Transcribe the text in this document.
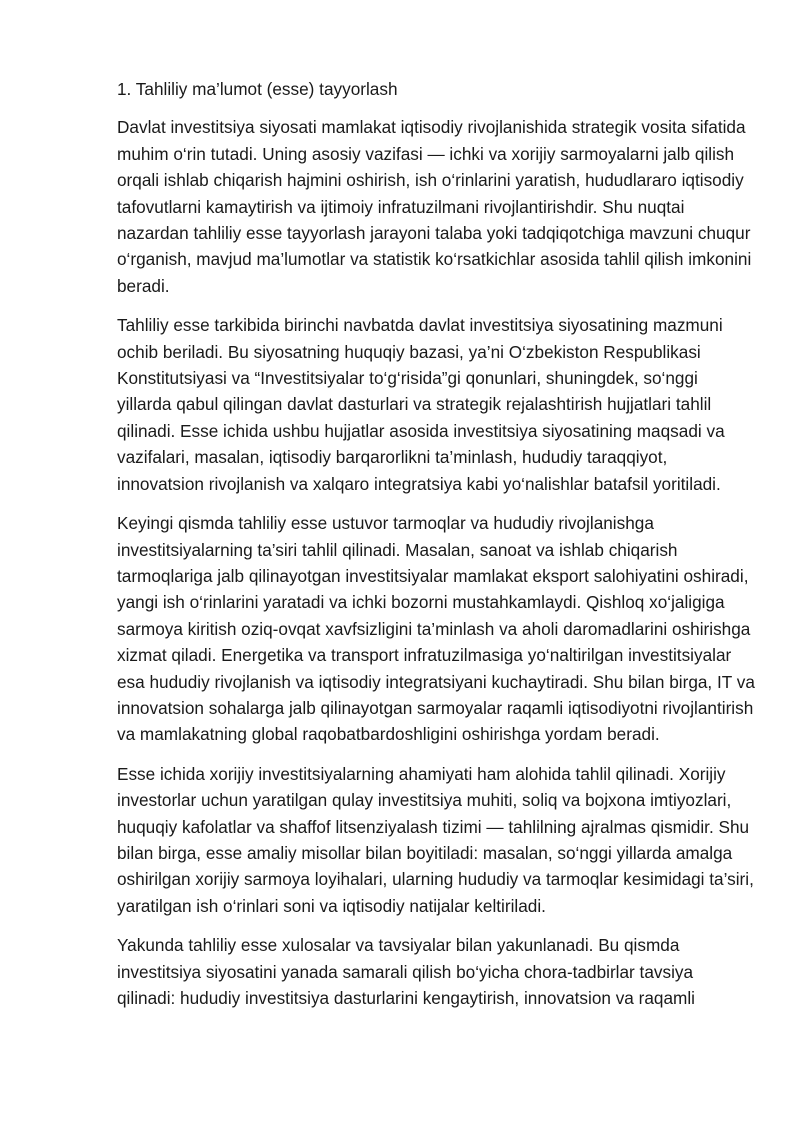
1. Tahliliy ma’lumot (esse) tayyorlash

Davlat investitsiya siyosati mamlakat iqtisodiy rivojlanishida strategik vosita sifatida muhim o‘rin tutadi. Uning asosiy vazifasi — ichki va xorijiy sarmoyalarni jalb qilish orqali ishlab chiqarish hajmini oshirish, ish o‘rinlarini yaratish, hududlararo iqtisodiy tafovutlarni kamaytirish va ijtimoiy infratuzilmani rivojlantirishdir. Shu nuqtai nazardan tahliliy esse tayyorlash jarayoni talaba yoki tadqiqotchiga mavzuni chuqur o‘rganish, mavjud ma’lumotlar va statistik ko‘rsatkichlar asosida tahlil qilish imkonini beradi.

Tahliliy esse tarkibida birinchi navbatda davlat investitsiya siyosatining mazmuni ochib beriladi. Bu siyosatning huquqiy bazasi, ya’ni O‘zbekiston Respublikasi Konstitutsiyasi va “Investitsiyalar to‘g‘risida”gi qonunlari, shuningdek, so‘nggi yillarda qabul qilingan davlat dasturlari va strategik rejalashtirish hujjatlari tahlil qilinadi. Esse ichida ushbu hujjatlar asosida investitsiya siyosatining maqsadi va vazifalari, masalan, iqtisodiy barqarorlikni ta’minlash, hududiy taraqqiyot, innovatsion rivojlanish va xalqaro integratsiya kabi yo‘nalishlar batafsil yoritiladi.

Keyingi qismda tahliliy esse ustuvor tarmoqlar va hududiy rivojlanishga investitsiyalarning ta’siri tahlil qilinadi. Masalan, sanoat va ishlab chiqarish tarmoqlariga jalb qilinayotgan investitsiyalar mamlakat eksport salohiyatini oshiradi, yangi ish o‘rinlarini yaratadi va ichki bozorni mustahkamlaydi. Qishloq xo‘jaligiga sarmoya kiritish oziq-ovqat xavfsizligini ta’minlash va aholi daromadlarini oshirishga xizmat qiladi. Energetika va transport infratuzilmasiga yo‘naltirilgan investitsiyalar esa hududiy rivojlanish va iqtisodiy integratsiyani kuchaytiradi. Shu bilan birga, IT va innovatsion sohalarga jalb qilinayotgan sarmoyalar raqamli iqtisodiyotni rivojlantirish va mamlakatning global raqobatbardoshligini oshirishga yordam beradi.

Esse ichida xorijiy investitsiyalarning ahamiyati ham alohida tahlil qilinadi. Xorijiy investorlar uchun yaratilgan qulay investitsiya muhiti, soliq va bojxona imtiyozlari, huquqiy kafolatlar va shaffof litsenziyalash tizimi — tahlilning ajralmas qismidir. Shu bilan birga, esse amaliy misollar bilan boyitiladi: masalan, so‘nggi yillarda amalga oshirilgan xorijiy sarmoya loyihalari, ularning hududiy va tarmoqlar kesimidagi ta’siri, yaratilgan ish o‘rinlari soni va iqtisodiy natijalar keltiriladi.

Yakunda tahliliy esse xulosalar va tavsiyalar bilan yakunlanadi. Bu qismda investitsiya siyosatini yanada samarali qilish bo‘yicha chora-tadbirlar tavsiya qilinadi: hududiy investitsiya dasturlarini kengaytirish, innovatsion va raqamli
